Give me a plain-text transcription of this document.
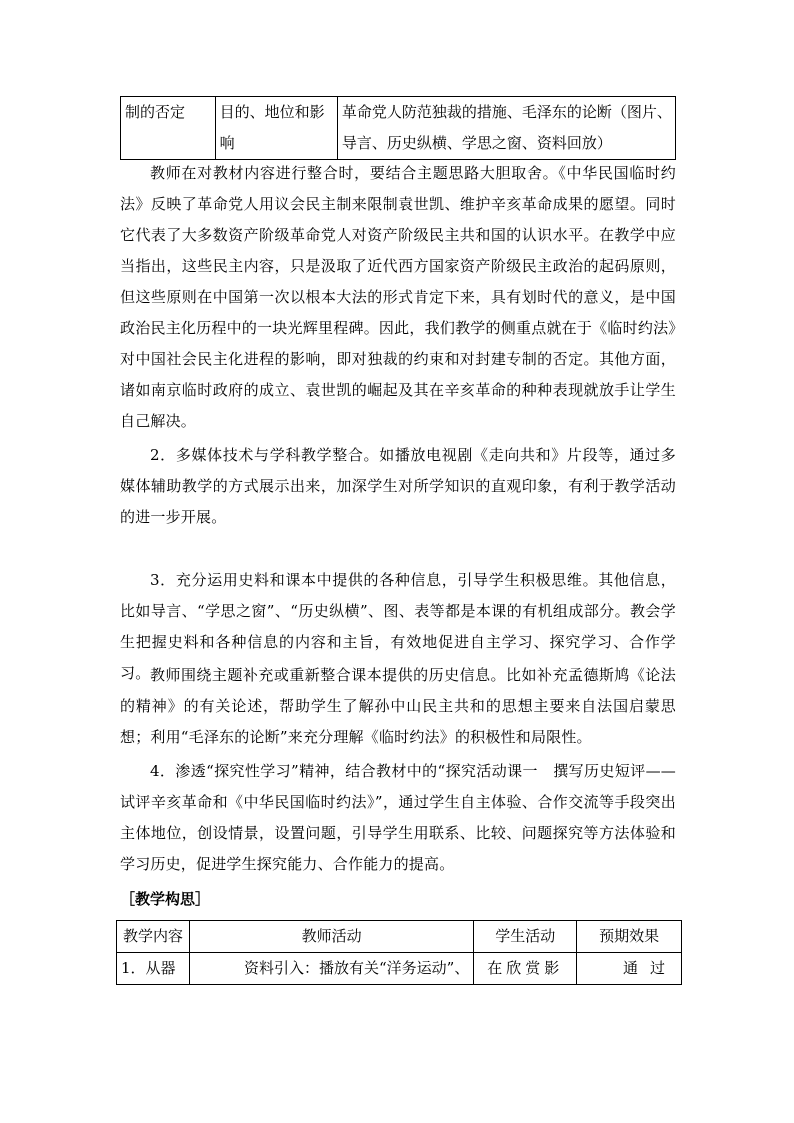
制的否定	目的、地位和影响	革命党人防范独裁的措施、毛泽东的论断（图片、导言、历史纵横、学思之窗、资料回放）

教师在对教材内容进行整合时，要结合主题思路大胆取舍。《中华民国临时约法》反映了革命党人用议会民主制来限制袁世凯、维护辛亥革命成果的愿望。同时它代表了大多数资产阶级革命党人对资产阶级民主共和国的认识水平。在教学中应当指出，这些民主内容，只是汲取了近代西方国家资产阶级民主政治的起码原则，但这些原则在中国第一次以根本大法的形式肯定下来，具有划时代的意义，是中国政治民主化历程中的一块光辉里程碑。因此，我们教学的侧重点就在于《临时约法》对中国社会民主化进程的影响，即对独裁的约束和对封建专制的否定。其他方面，诸如南京临时政府的成立、袁世凯的崛起及其在辛亥革命的种种表现就放手让学生自己解决。

2．多媒体技术与学科教学整合。如播放电视剧《走向共和》片段等，通过多媒体辅助教学的方式展示出来，加深学生对所学知识的直观印象，有利于教学活动的进一步开展。

3．充分运用史料和课本中提供的各种信息，引导学生积极思维。其他信息，比如导言、“学思之窗”、“历史纵横”、图、表等都是本课的有机组成部分。教会学生把握史料和各种信息的内容和主旨，有效地促进自主学习、探究学习、合作学习。 教师围绕主题补充或重新整合课本提供的历史信息。比如补充孟德斯鸠《论法的精神》的有关论述，帮助学生了解孙中山民主共和的思想主要来自法国启蒙思想；利用“毛泽东的论断”来充分理解《临时约法》的积极性和局限性。

4．渗透“探究性学习”精神，结合教材中的“探究活动课一　撰写历史短评——试评辛亥革命和《中华民国临时约法》”，通过学生自主体验、合作交流等手段突出主体地位，创设情景，设置问题，引导学生用联系、比较、问题探究等方法体验和学习历史，促进学生探究能力、合作能力的提高。

［教学构思］

教学内容	教师活动	学生活动	预期效果
1．从器	资料引入：播放有关“洋务运动”、	在欣赏影	通过
